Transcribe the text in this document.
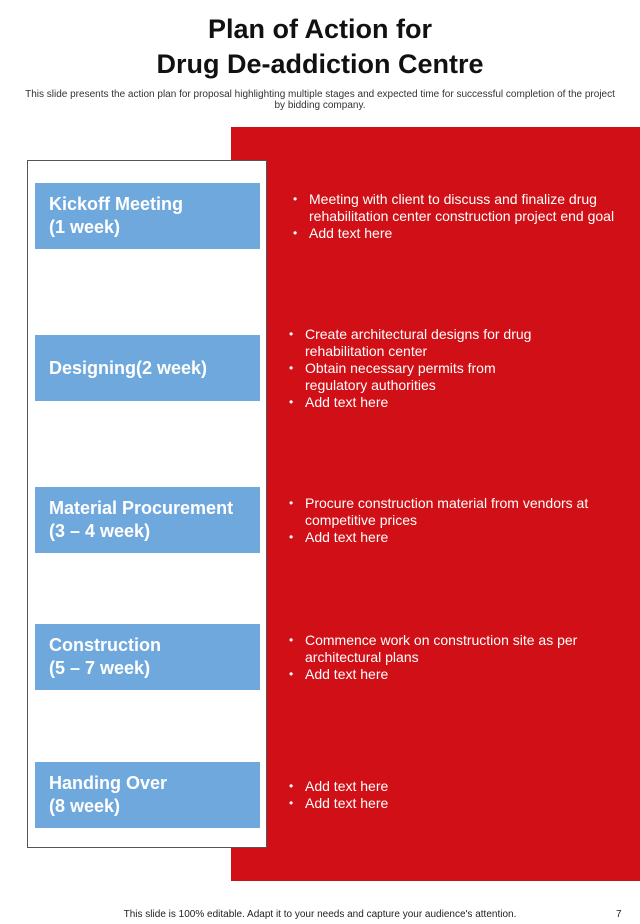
Plan of Action for
Drug De-addiction Centre
This slide presents the action plan for proposal highlighting multiple stages and expected time for successful completion of the project by bidding company.
Kickoff Meeting
(1 week)
• Meeting with client to discuss and finalize drug rehabilitation center construction project end goal
• Add text here
Designing(2 week)
• Create architectural designs for drug rehabilitation center
• Obtain necessary permits from regulatory authorities
• Add text here
Material Procurement
(3 – 4 week)
• Procure construction material from vendors at competitive prices
• Add text here
Construction
(5 – 7 week)
• Commence work on construction site as per architectural plans
• Add text here
Handing Over
(8 week)
• Add text here
• Add text here
This slide is 100% editable. Adapt it to your needs and capture your audience's attention.	7
